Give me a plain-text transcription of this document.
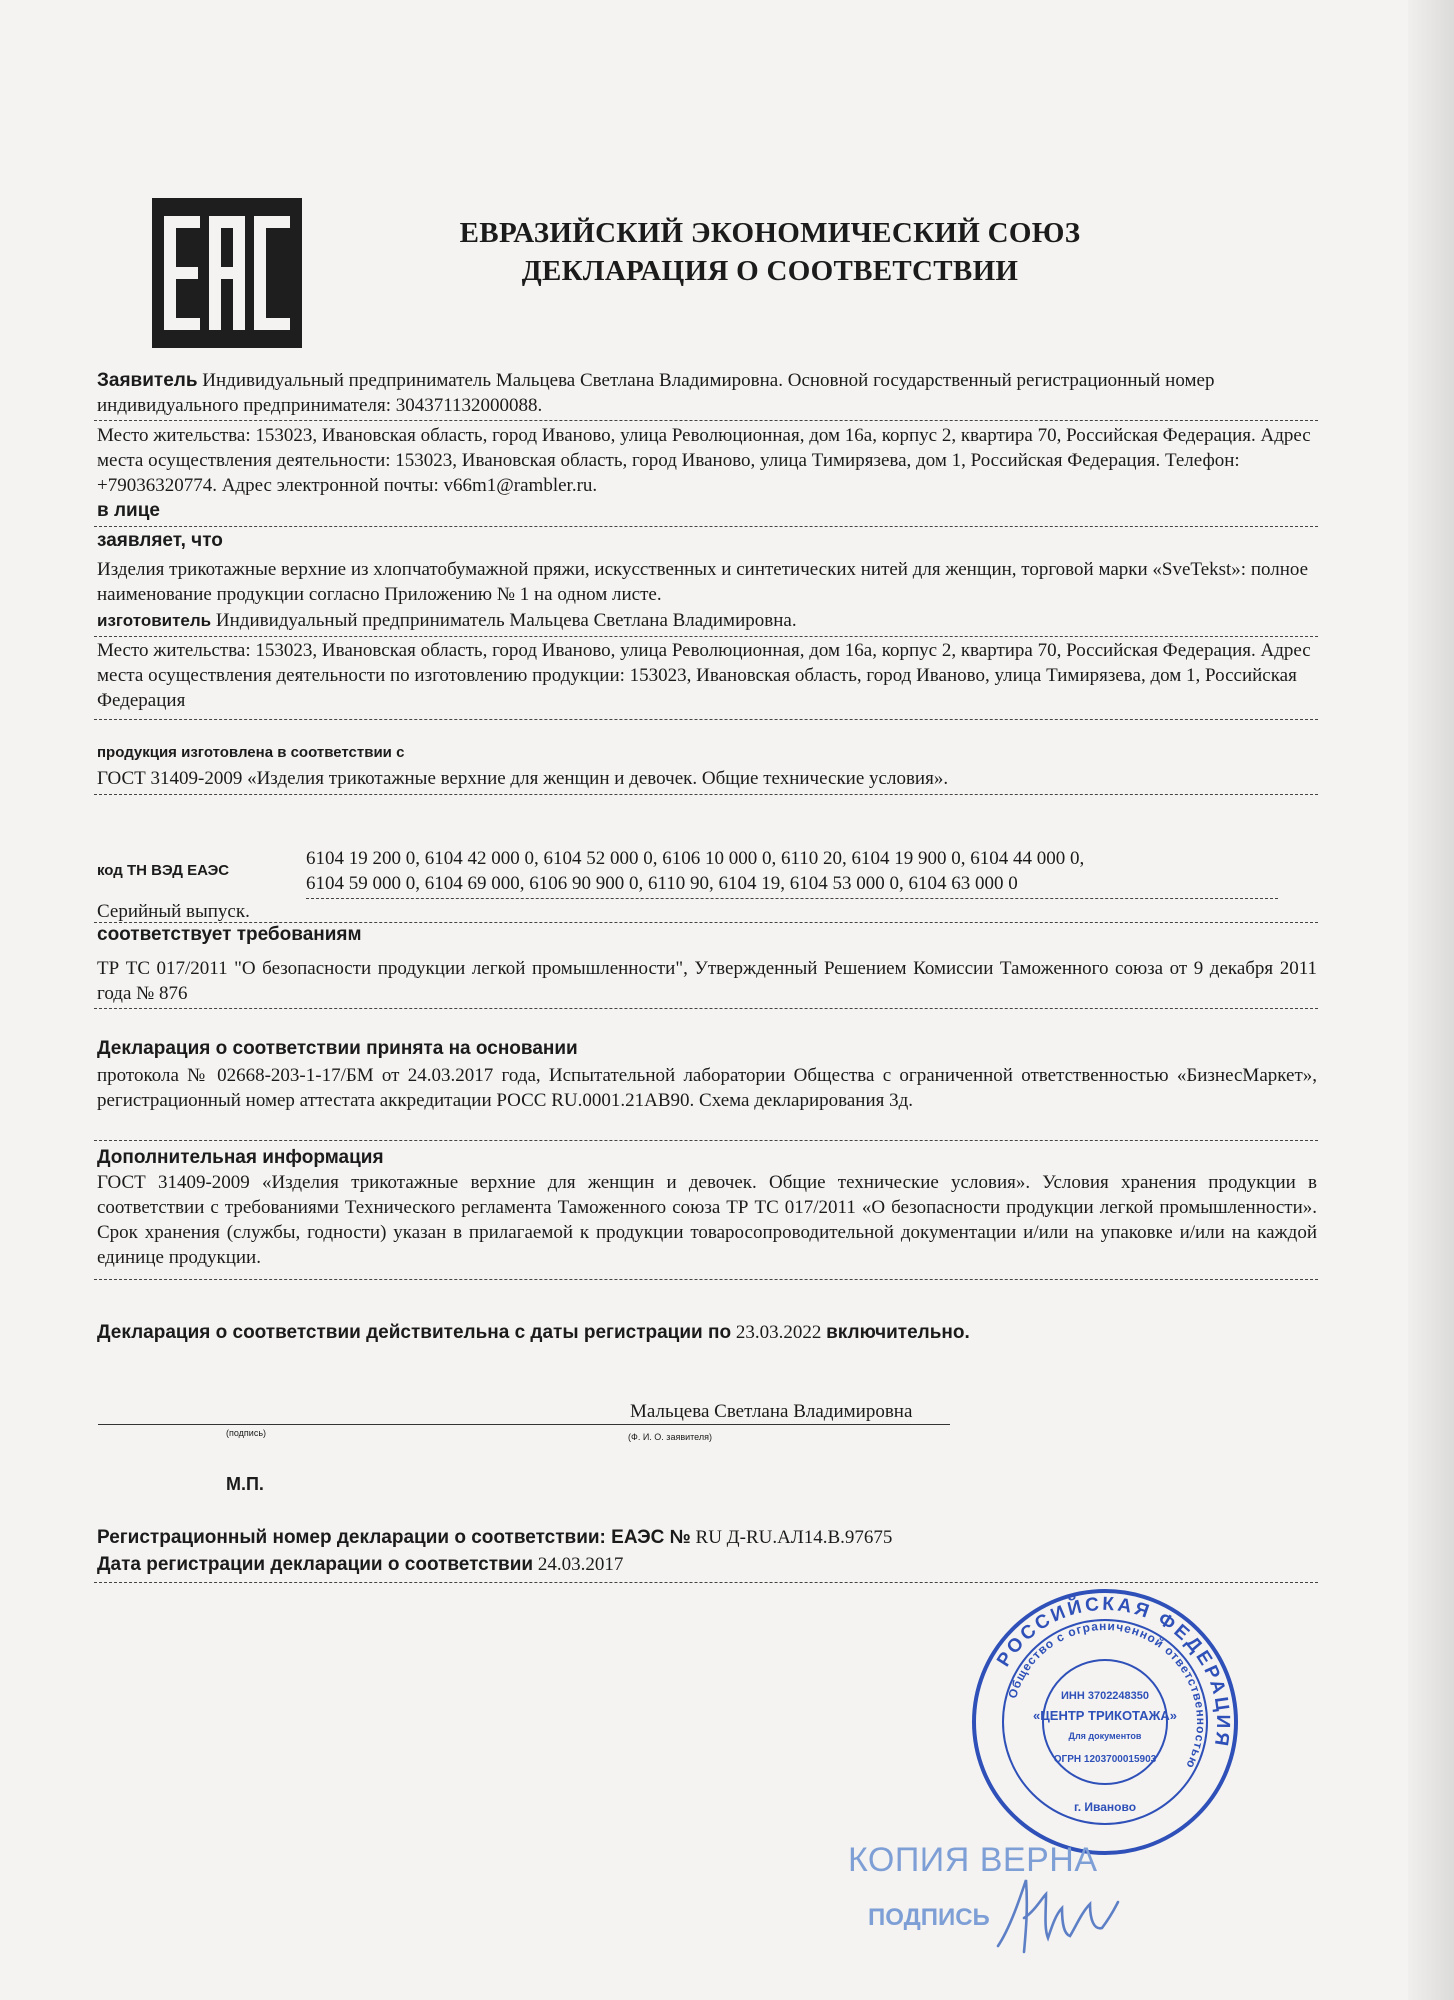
ЕВРАЗИЙСКИЙ ЭКОНОМИЧЕСКИЙ СОЮЗ
ДЕКЛАРАЦИЯ О СООТВЕТСТВИИ
Заявитель Индивидуальный предприниматель Мальцева Светлана Владимировна. Основной государственный регистрационный номер индивидуального предпринимателя: 304371132000088.
Место жительства: 153023, Ивановская область, город Иваново, улица Революционная, дом 16а, корпус 2, квартира 70, Российская Федерация. Адрес места осуществления деятельности: 153023, Ивановская область, город Иваново, улица Тимирязева, дом 1, Российская Федерация. Телефон: +79036320774. Адрес электронной почты: v66m1@rambler.ru.
в лице
заявляет, что
Изделия трикотажные верхние из хлопчатобумажной пряжи, искусственных и синтетических нитей для женщин, торговой марки «SveTekst»: полное наименование продукции согласно Приложению № 1 на одном листе.
изготовитель Индивидуальный предприниматель Мальцева Светлана Владимировна.
Место жительства: 153023, Ивановская область, город Иваново, улица Революционная, дом 16а, корпус 2, квартира 70, Российская Федерация. Адрес места осуществления деятельности по изготовлению продукции: 153023, Ивановская область, город Иваново, улица Тимирязева, дом 1, Российская Федерация
продукция изготовлена в соответствии с
ГОСТ 31409-2009 «Изделия трикотажные верхние для женщин и девочек. Общие технические условия».
код ТН ВЭД ЕАЭС
6104 19 200 0, 6104 42 000 0, 6104 52 000 0, 6106 10 000 0, 6110 20, 6104 19 900 0, 6104 44 000 0,
6104 59 000 0, 6104 69 000, 6106 90 900 0, 6110 90, 6104 19, 6104 53 000 0, 6104 63 000 0
Серийный выпуск.
соответствует требованиям
ТР ТС 017/2011 "О безопасности продукции легкой промышленности", Утвержденный Решением Комиссии Таможенного союза от 9 декабря 2011 года № 876
Декларация о соответствии принята на основании
протокола № 02668-203-1-17/БМ от 24.03.2017 года, Испытательной лаборатории Общества с ограниченной ответственностью «БизнесМаркет», регистрационный номер аттестата аккредитации РОСС RU.0001.21АВ90. Схема декларирования 3д.
Дополнительная информация
ГОСТ 31409-2009 «Изделия трикотажные верхние для женщин и девочек. Общие технические условия». Условия хранения продукции в соответствии с требованиями Технического регламента Таможенного союза ТР ТС 017/2011 «О безопасности продукции легкой промышленности». Срок хранения (службы, годности) указан в прилагаемой к продукции товаросопроводительной документации и/или на упаковке и/или на каждой единице продукции.
Декларация о соответствии действительна с даты регистрации по 23.03.2022 включительно.
Мальцева Светлана Владимировна
(подпись)	(Ф. И. О. заявителя)
М.П.
Регистрационный номер декларации о соответствии: ЕАЭС № RU Д-RU.АЛ14.В.97675
Дата регистрации декларации о соответствии 24.03.2017
РОССИЙСКАЯ ФЕДЕРАЦИЯ
Общество с ограниченной ответственностью
ИНН 3702248350
«ЦЕНТР ТРИКОТАЖА»
Для документов
ОГРН 1203700015903
г. Иваново
КОПИЯ ВЕРНА
ПОДПИСЬ
